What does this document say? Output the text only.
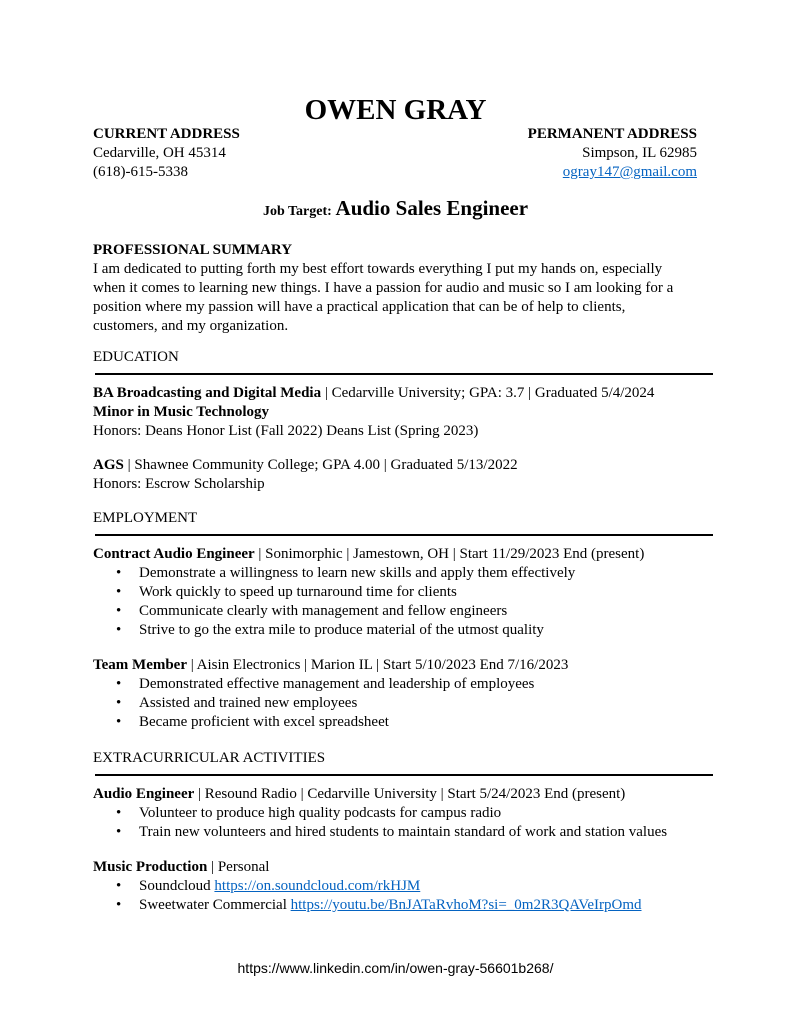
OWEN GRAY
CURRENT ADDRESS
Cedarville, OH 45314
(618)-615-5338
PERMANENT ADDRESS
Simpson, IL 62985
ogray147@gmail.com
Job Target: Audio Sales Engineer
PROFESSIONAL SUMMARY
I am dedicated to putting forth my best effort towards everything I put my hands on, especially
when it comes to learning new things. I have a passion for audio and music so I am looking for a
position where my passion will have a practical application that can be of help to clients,
customers, and my organization.
EDUCATION
BA Broadcasting and Digital Media | Cedarville University; GPA: 3.7 | Graduated 5/4/2024
Minor in Music Technology
Honors: Deans Honor List (Fall 2022) Deans List (Spring 2023)
AGS | Shawnee Community College; GPA 4.00 | Graduated 5/13/2022
Honors: Escrow Scholarship
EMPLOYMENT
Contract Audio Engineer | Sonimorphic | Jamestown, OH | Start 11/29/2023 End (present)
• Demonstrate a willingness to learn new skills and apply them effectively
• Work quickly to speed up turnaround time for clients
• Communicate clearly with management and fellow engineers
• Strive to go the extra mile to produce material of the utmost quality
Team Member | Aisin Electronics | Marion IL | Start 5/10/2023 End 7/16/2023
• Demonstrated effective management and leadership of employees
• Assisted and trained new employees
• Became proficient with excel spreadsheet
EXTRACURRICULAR ACTIVITIES
Audio Engineer | Resound Radio | Cedarville University | Start 5/24/2023 End (present)
• Volunteer to produce high quality podcasts for campus radio
• Train new volunteers and hired students to maintain standard of work and station values
Music Production | Personal
• Soundcloud https://on.soundcloud.com/rkHJM
• Sweetwater Commercial https://youtu.be/BnJATaRvhoM?si=_0m2R3QAVeIrpOmd
https://www.linkedin.com/in/owen-gray-56601b268/
